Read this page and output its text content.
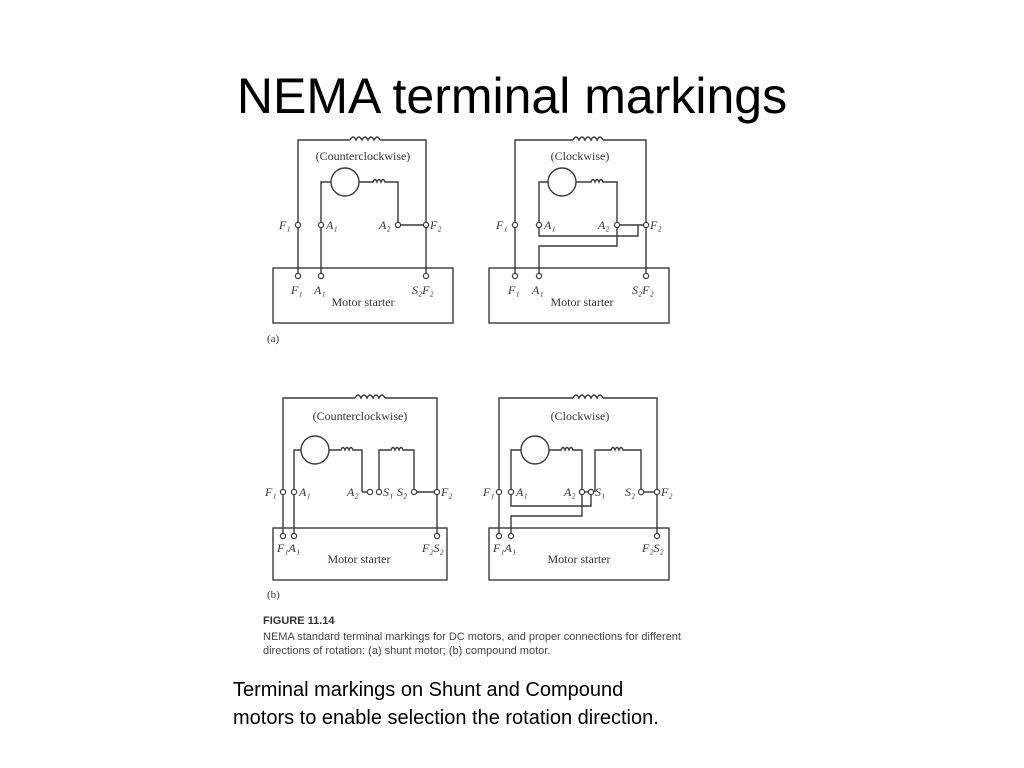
NEMA terminal markings
(Counterclockwise)
F₁	A₁	A₂	F₂
F₁ A₁	S₂F₂
Motor starter
(Clockwise)
F₁	A₁	A₂	F₂
F₁ A₁	S₂F₂
Motor starter
(a)
(Counterclockwise)
F₁ A₁	A₂ S₁ S₂	F₂
F₁A₁	F₂S₂
Motor starter
(Clockwise)
F₁ A₁	A₂ S₁ S₂ F₂
F₁A₁	F₂S₂
Motor starter
(b)
FIGURE 11.14
NEMA standard terminal markings for DC motors, and proper connections for different
directions of rotation: (a) shunt motor; (b) compound motor.
Terminal markings on Shunt and Compound
motors to enable selection the rotation direction.
